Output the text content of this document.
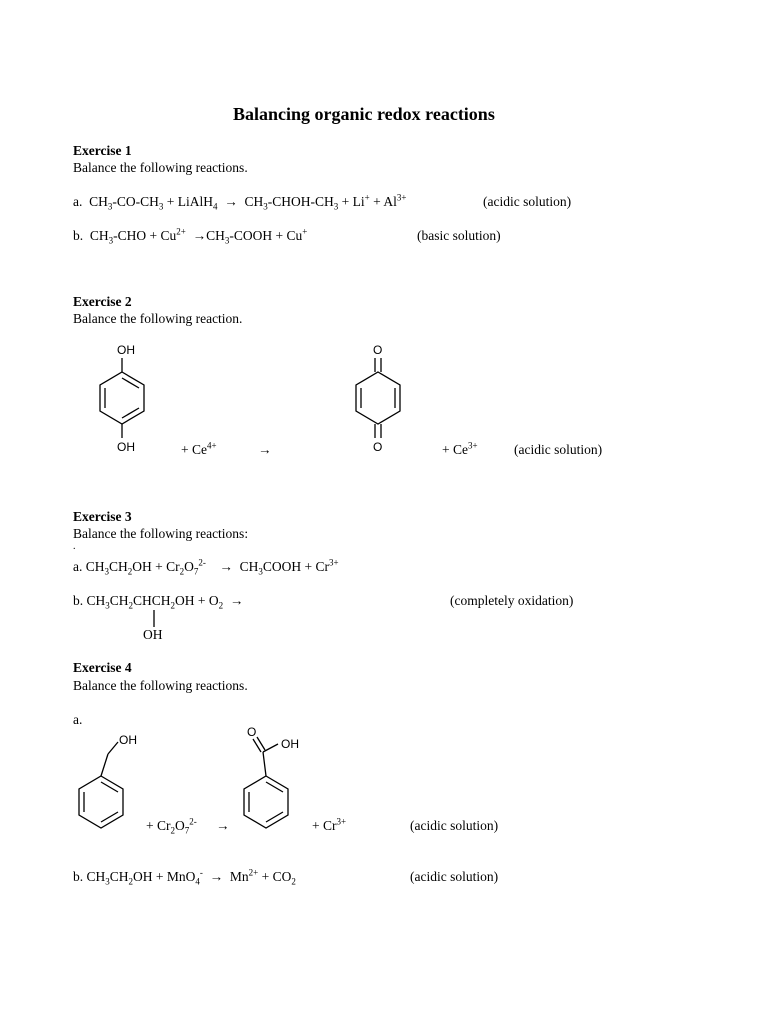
Balancing organic redox reactions
Exercise 1
Balance the following reactions.
a. $CH_3-CO-CH_3$ + LiAlH$_4$ → $CH_3-CHOH-CH_3 + Li^+ + Al^{3+}$	(acidic solution)
b. $CH_3$-CHO + $Cu^{2+}$ $\to CH_3$-COOH + Cu+	(basic solution)
Exercise 2
Balance the following reaction.
OH
OH	+ $Ce^{4+}$	→
O
O	+ $Ce^{3+}$	(acidic solution)
Exercise 3
Balance the following reactions:
.
a. $CH_3CH_2OH + Cr_2O_7^{2-}$ → $CH_3COOH + Cr^{3+}$
b. $CH_3CH_2CHCH_2OH + O_2$ →
OH
(completely oxidation)
Exercise 4
Balance the following reactions.
a.
OH
O
OH
+ $Cr_2O_7^{2-}$ →	+ $Cr^{3+}$	(acidic solution)
b. $CH_3CH_2OH + MnO_4^- \to Mn^{2+} + CO_2$	(acidic solution)
